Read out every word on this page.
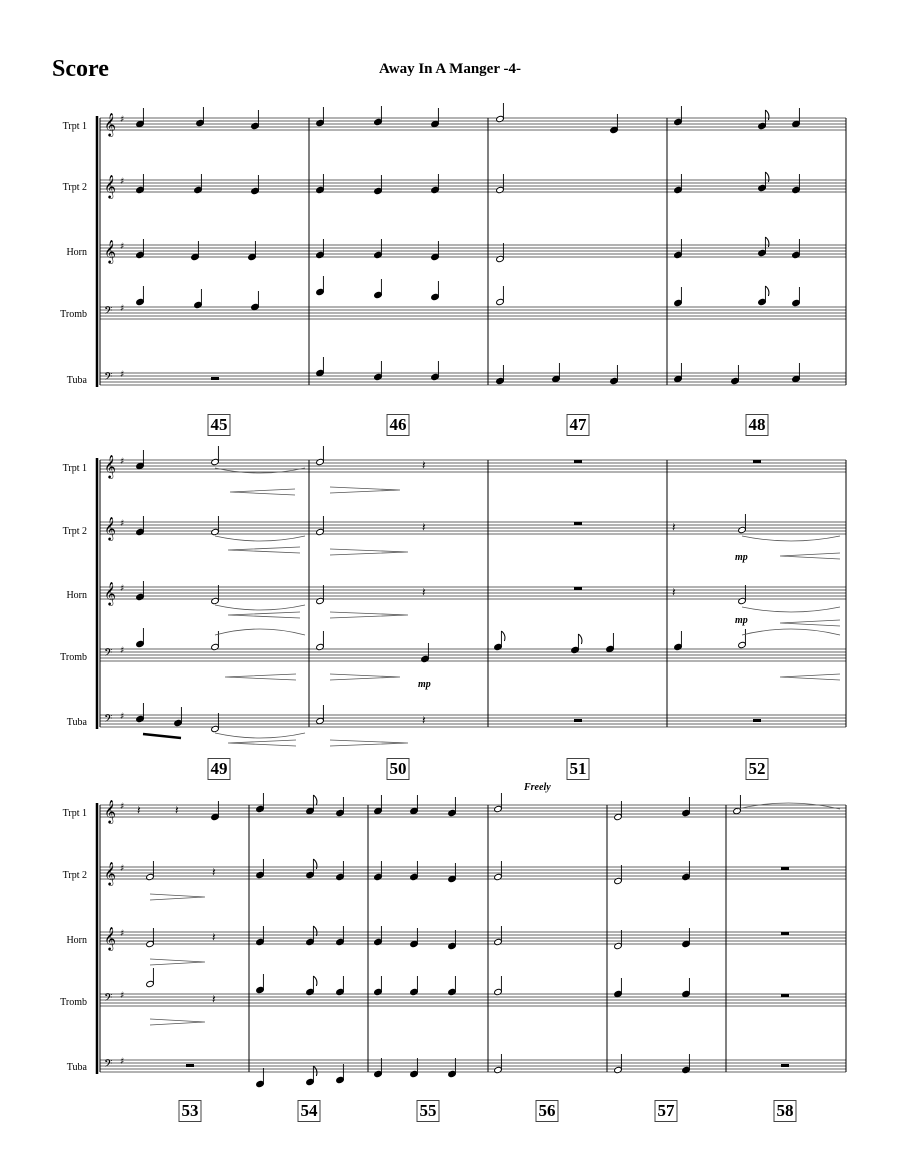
Score	Away In A Manger -4-
Trpt 1
Trpt 2
Horn
Tromb
Tuba
Trpt 1
Trpt 2
Horn
Tromb
Tuba
Trpt 1
Trpt 2
Horn
Tromb
Tuba
45	46	47	48
49	50	51	52
53	54	55	56	57	58
Freely
𝄞 ♯
𝄞 ♯
𝄞 ♯
𝄢 ♯
𝄢 ♯
𝄞 ♯
𝄞 ♯
𝄞 ♯
𝄢 ♯
𝄢 ♯
𝄞 ♯
𝄞 ♯
𝄞 ♯
𝄢 ♯
𝄢 ♯
𝄽
𝄽	𝄽
𝄽	𝄽
𝄽
𝄽	𝄽
𝄽
𝄽
𝄽
mp
mp
mp
